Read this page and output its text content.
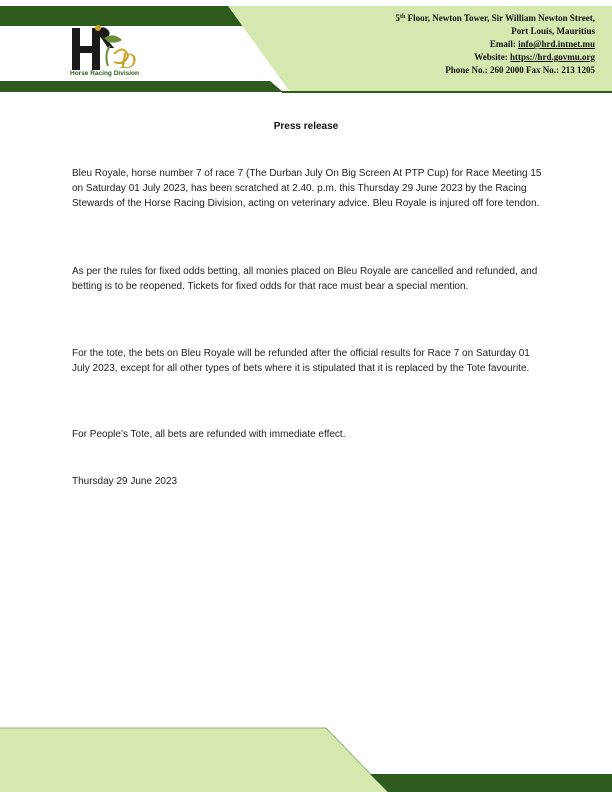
D
Horse Racing Division
5th Floor, Newton Tower, Sir William Newton Street,
Port Louis, Mauritius
Email: info@hrd.intnet.mu
Website: https://hrd.govmu.org
Phone No.: 260 2000 Fax No.: 213 1205
Press release

Bleu Royale, horse number 7 of race 7 (The Durban July On Big Screen At PTP Cup) for Race Meeting 15 on Saturday 01 July 2023, has been scratched at 2.40. p.m. this Thursday 29 June 2023 by the Racing Stewards of the Horse Racing Division, acting on veterinary advice. Bleu Royale is injured off fore tendon.

As per the rules for fixed odds betting, all monies placed on Bleu Royale are cancelled and refunded, and betting is to be reopened. Tickets for fixed odds for that race must bear a special mention.

For the tote, the bets on Bleu Royale will be refunded after the official results for Race 7 on Saturday 01 July 2023, except for all other types of bets where it is stipulated that it is replaced by the Tote favourite.

For People’s Tote, all bets are refunded with immediate effect.

Thursday 29 June 2023
